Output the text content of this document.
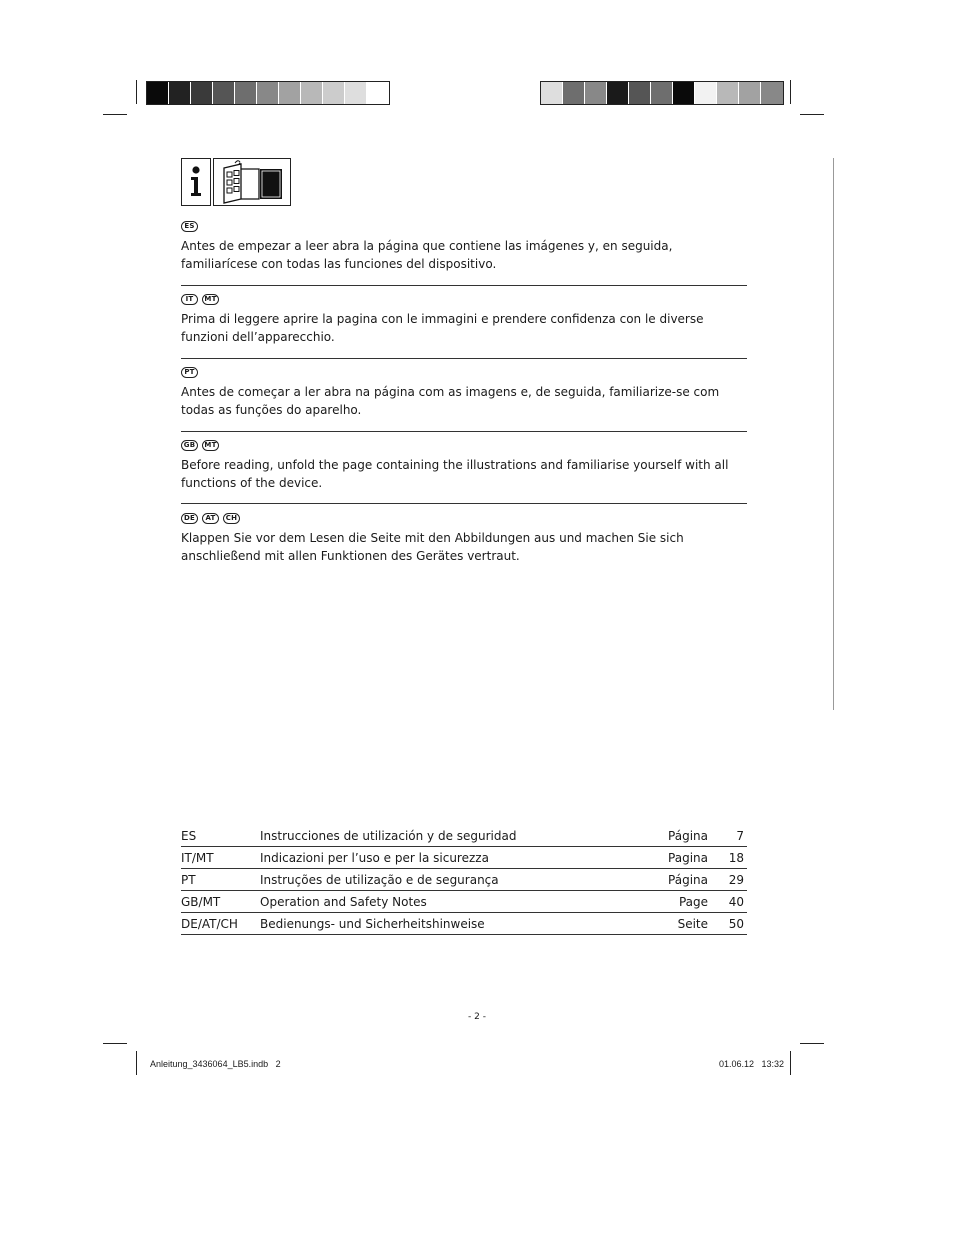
ES

Antes de empezar a leer abra la página que contiene las imágenes y, en seguida, familiarícese con todas las funciones del dispositivo.

IT	MT

Prima di leggere aprire la pagina con le immagini e prendere confidenza con le diverse funzioni dell’apparecchio.

PT

Antes de começar a ler abra na página com as imagens e, de seguida, familiarize-se com todas as funções do aparelho.

GB	MT

Before reading, unfold the page containing the illustrations and familiarise yourself with all functions of the device.

DE	AT	CH

Klappen Sie vor dem Lesen die Seite mit den Abbildungen aus und machen Sie sich anschließend mit allen Funktionen des Gerätes vertraut.

ES	Instrucciones de utilización y de seguridad	Página	7
IT/MT	Indicazioni per l’uso e per la sicurezza	Pagina	18
PT	Instruções de utilização e de segurança	Página	29
GB/MT	Operation and Safety Notes	Page	40
DE/AT/CH	Bedienungs- und Sicherheitshinweise	Seite	50
- 2 -
Anleitung_3436064_LB5.indb   2	01.06.12   13:32
